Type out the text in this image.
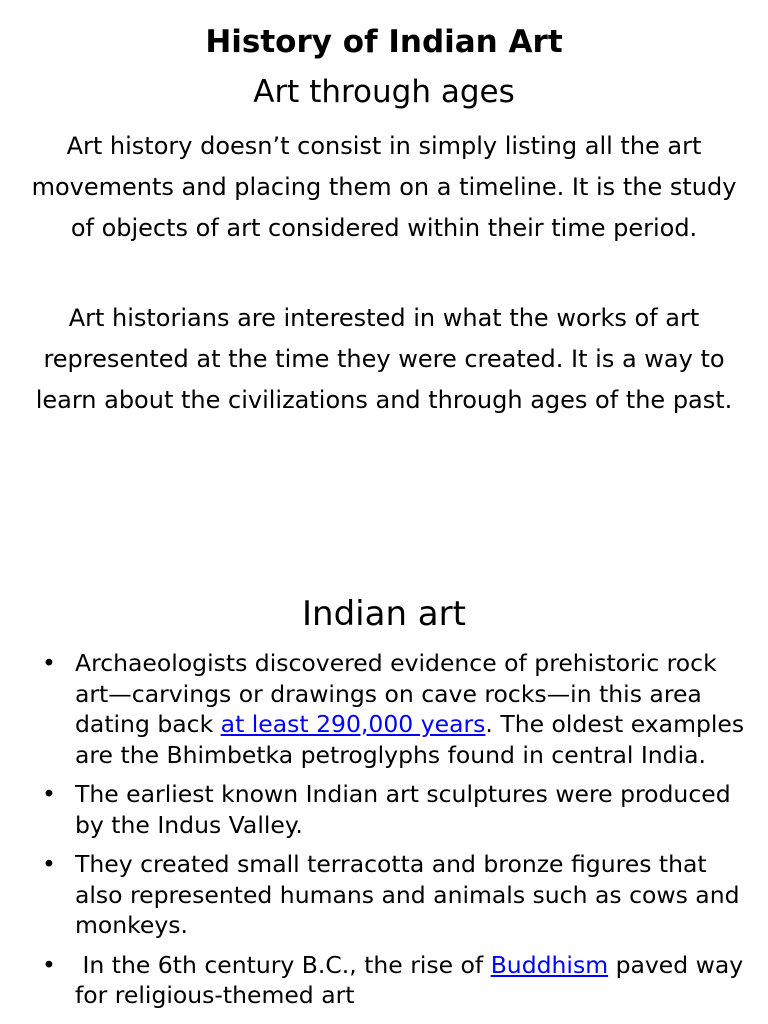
History of Indian Art
Art through ages

Art history doesn’t consist in simply listing all the art movements and placing them on a timeline. It is the study of objects of art considered within their time period.

Art historians are interested in what the works of art represented at the time they were created. It is a way to learn about the civilizations and through ages of the past.

Indian art
• Archaeologists discovered evidence of prehistoric rock art—carvings or drawings on cave rocks—in this area dating back at least 290,000 years. The oldest examples are the Bhimbetka petroglyphs found in central India.
• The earliest known Indian art sculptures were produced by the Indus Valley.
• They created small terracotta and bronze figures that also represented humans and animals such as cows and monkeys.
• In the 6th century B.C., the rise of Buddhism paved way for religious-themed art
